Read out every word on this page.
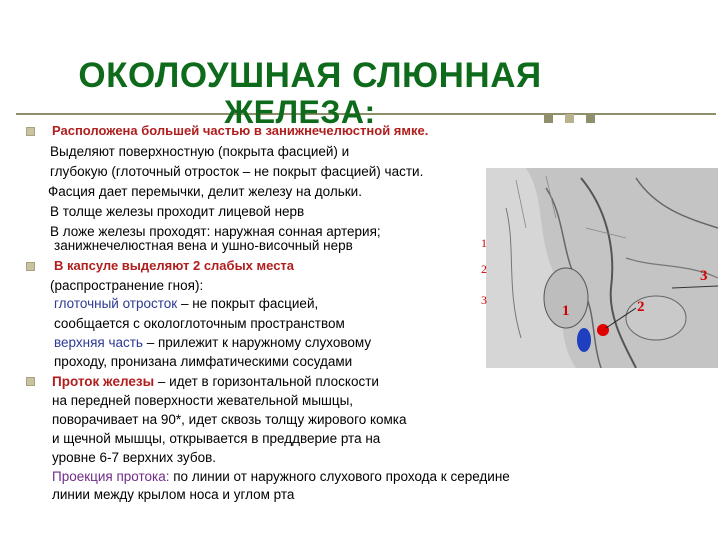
ОКОЛОУШНАЯ СЛЮННАЯ
ЖЕЛЕЗА:
1
2
3
1	2
3
Расположена большей частью в занижнечелюстной ямке.
Выделяют поверхностную (покрыта фасцией) и
глубокую (глоточный отросток – не покрыт фасцией) части.
Фасция дает перемычки, делит железу на дольки.
В толще железы проходит лицевой нерв
В ложе железы проходят: наружная сонная артерия;
занижнечелюстная вена и ушно-височный нерв
В капсуле выделяют 2 слабых места
(распространение гноя):
глоточный отросток – не покрыт фасцией,
сообщается с окологлоточным пространством
верхняя часть – прилежит к наружному слуховому
проходу, пронизана лимфатическими сосудами
Проток железы – идет в горизонтальной плоскости
на передней поверхности жевательной мышцы,
поворачивает на 90*, идет сквозь толщу жирового комка
и щечной мышцы, открывается в преддверие рта на
уровне 6-7 верхних зубов.
Проекция протока: по линии от наружного слухового прохода к середине
линии между крылом носа и углом рта
